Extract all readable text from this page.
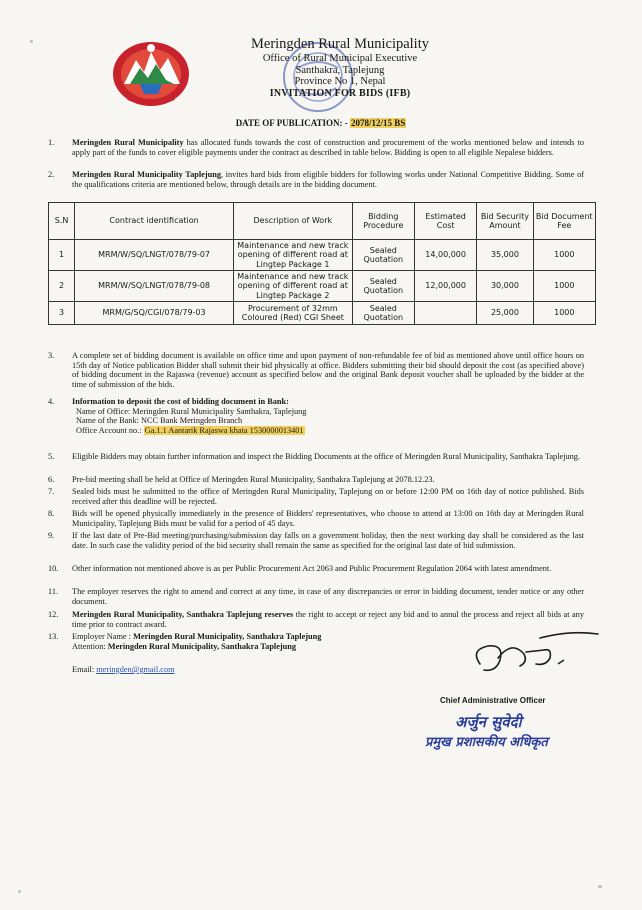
Meringden Rural Municipality
Office of Rural Municipal Executive
Santhakra, Taplejung
Province No 1, Nepal
INVITATION FOR BIDS (IFB)
DATE OF PUBLICATION: - 2078/12/15 BS
1.	Meringden Rural Municipality has allocated funds towards the cost of construction and procurement of the works mentioned below and intends to apply part of the funds to cover eligible payments under the contract as described in table below. Bidding is open to all eligible Nepalese bidders.
2.	Meringden Rural Municipality Taplejung, invites hard bids from eligible bidders for following works under National Competitive Bidding. Some of the qualifications criteria are mentioned below, through details are in the bidding document.
S.N	Contract identification	Description of Work	Bidding Procedure	Estimated Cost	Bid Security Amount	Bid Document Fee
1	MRM/W/SQ/LNGT/078/79-07	Maintenance and new track opening of different road at Lingtep Package 1	Sealed Quotation	14,00,000	35,000	1000
2	MRM/W/SQ/LNGT/078/79-08	Maintenance and new track opening of different road at Lingtep Package 2	Sealed Quotation	12,00,000	30,000	1000
3	MRM/G/SQ/CGI/078/79-03	Procurement of 32mm Coloured (Red) CGI Sheet	Sealed Quotation		25,000	1000
3.	A complete set of bidding document is available on office time and upon payment of non-refundable fee of bid as mentioned above until office hours on 15th day of Notice publication Bidder shall submit their bid physically at office. Bidders submitting their bid should deposit the cost (as specified above) of bidding document in the Rajaswa (revenue) account as specified below and the original Bank deposit voucher shall be uploaded by the bidder at the time of submission of the bids.
4.	Information to deposit the cost of bidding document in Bank:
Name of Office: Meringden Rural Municipality Santhakra, Taplejung
Name of the Bank: NCC Bank Meringden Branch
Office Account no.: Ga.1.1 Aantarik Rajaswa khata 1530000013401
5.	Eligible Bidders may obtain further information and inspect the Bidding Documents at the office of Meringden Rural Municipality, Santhakra Taplejung.
6.	Pre-bid meeting shall be held at Office of Meringden Rural Municipality, Santhakra Taplejung at 2078.12.23.
7.	Sealed bids must be submitted to the office of Meringden Rural Municipality, Taplejung on or before 12:00 PM on 16th day of notice published. Bids received after this deadline will be rejected.
8.	Bids will be opened physically immediately in the presence of Bidders' representatives, who choose to attend at 13:00 on 16th day at Meringden Rural Municipality, Taplejung Bids must be valid for a period of 45 days.
9.	If the last date of Pre-Bid meeting/purchasing/submission day falls on a government holiday, then the next working day shall be considered as the last date. In such case the validity period of the bid security shall remain the same as specified for the original last date of bid submission.
10.	Other information not mentioned above is as per Public Procurement Act 2063 and Public Procurement Regulation 2064 with latest amendment.
11.	The employer reserves the right to amend and correct at any time, in case of any discrepancies or error in bidding document, tender notice or any other document.
12.	Meringden Rural Municipality, Santhakra Taplejung reserves the right to accept or reject any bid and to annul the process and reject all bids at any time prior to contract award.
13.	Employer Name : Meringden Rural Municipality, Santhakra Taplejung
Attention: Meringden Rural Municipality, Santhakra Taplejung
Email: meringden@gmail.com
Chief Administrative Officer
अर्जुन सुवेदी
प्रमुख प्रशासकीय अधिकृत
